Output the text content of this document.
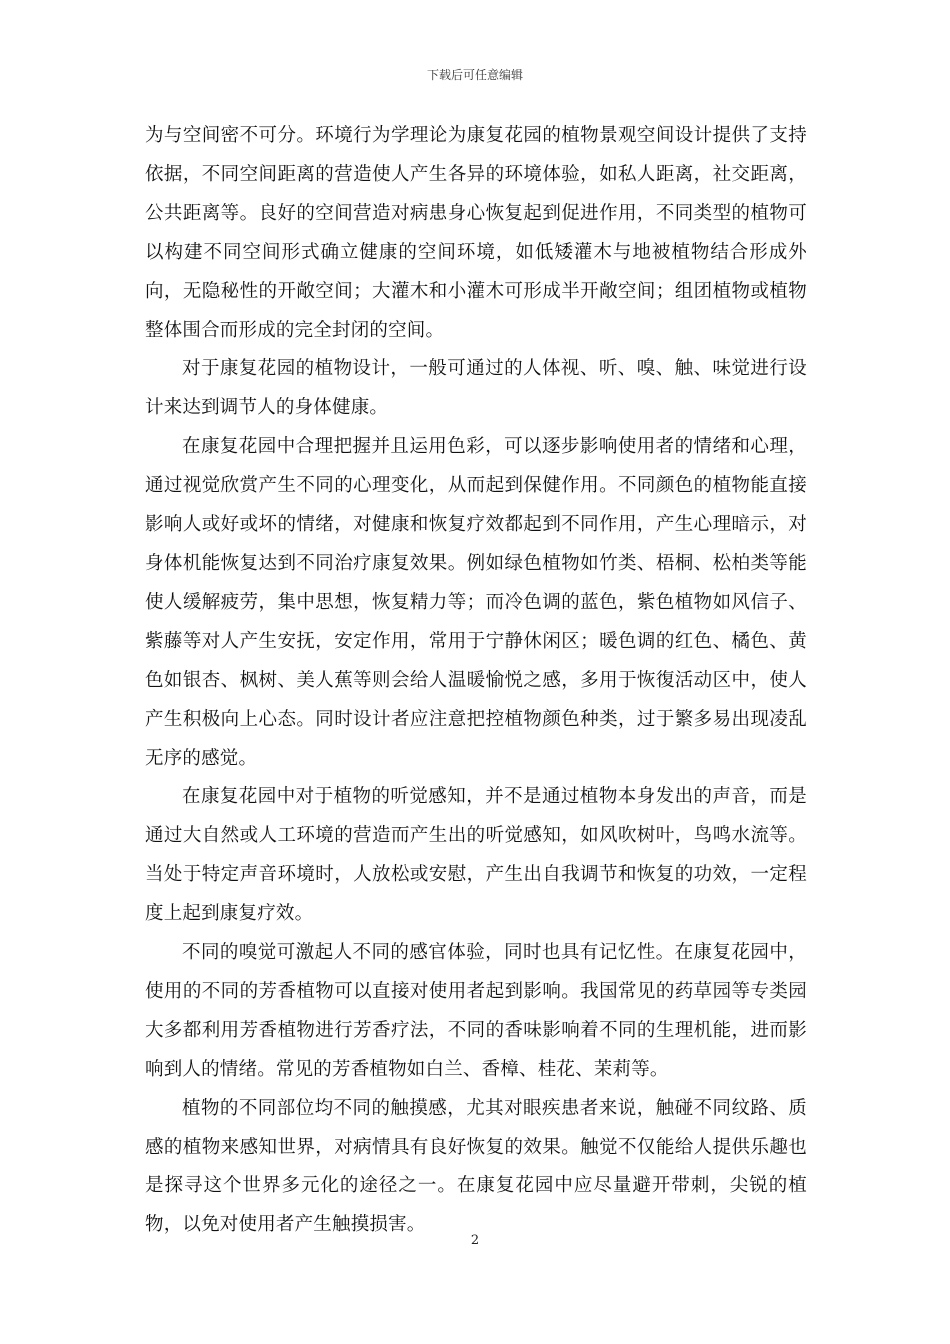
下载后可任意编辑

为与空间密不可分。环境行为学理论为康复花园的植物景观空间设计提供了支持依据，不同空间距离的营造使人产生各异的环境体验，如私人距离，社交距离，公共距离等。良好的空间营造对病患身心恢复起到促进作用，不同类型的植物可以构建不同空间形式确立健康的空间环境，如低矮灌木与地被植物结合形成外向，无隐秘性的开敞空间；大灌木和小灌木可形成半开敞空间；组团植物或植物整体围合而形成的完全封闭的空间。

对于康复花园的植物设计，一般可通过的人体视、听、嗅、触、味觉进行设计来达到调节人的身体健康。

在康复花园中合理把握并且运用色彩，可以逐步影响使用者的情绪和心理，通过视觉欣赏产生不同的心理变化，从而起到保健作用。不同颜色的植物能直接影响人或好或坏的情绪，对健康和恢复疗效都起到不同作用，产生心理暗示，对身体机能恢复达到不同治疗康复效果。例如绿色植物如竹类、梧桐、松柏类等能使人缓解疲劳，集中思想，恢复精力等；而冷色调的蓝色，紫色植物如风信子、紫藤等对人产生安抚，安定作用，常用于宁静休闲区；暖色调的红色、橘色、黄色如银杏、枫树、美人蕉等则会给人温暖愉悦之感，多用于恢復活动区中，使人产生积极向上心态。同时设计者应注意把控植物颜色种类，过于繁多易出现凌乱无序的感觉。

在康复花园中对于植物的听觉感知，并不是通过植物本身发出的声音，而是通过大自然或人工环境的营造而产生出的听觉感知，如风吹树叶，鸟鸣水流等。当处于特定声音环境时，人放松或安慰，产生出自我调节和恢复的功效，一定程度上起到康复疗效。

不同的嗅觉可激起人不同的感官体验，同时也具有记忆性。在康复花园中，使用的不同的芳香植物可以直接对使用者起到影响。我国常见的药草园等专类园大多都利用芳香植物进行芳香疗法，不同的香味影响着不同的生理机能，进而影响到人的情绪。常见的芳香植物如白兰、香樟、桂花、茉莉等。

植物的不同部位均不同的触摸感，尤其对眼疾患者来说，触碰不同纹路、质感的植物来感知世界，对病情具有良好恢复的效果。触觉不仅能给人提供乐趣也是探寻这个世界多元化的途径之一。在康复花园中应尽量避开带刺，尖锐的植物，以免对使用者产生触摸损害。

2
